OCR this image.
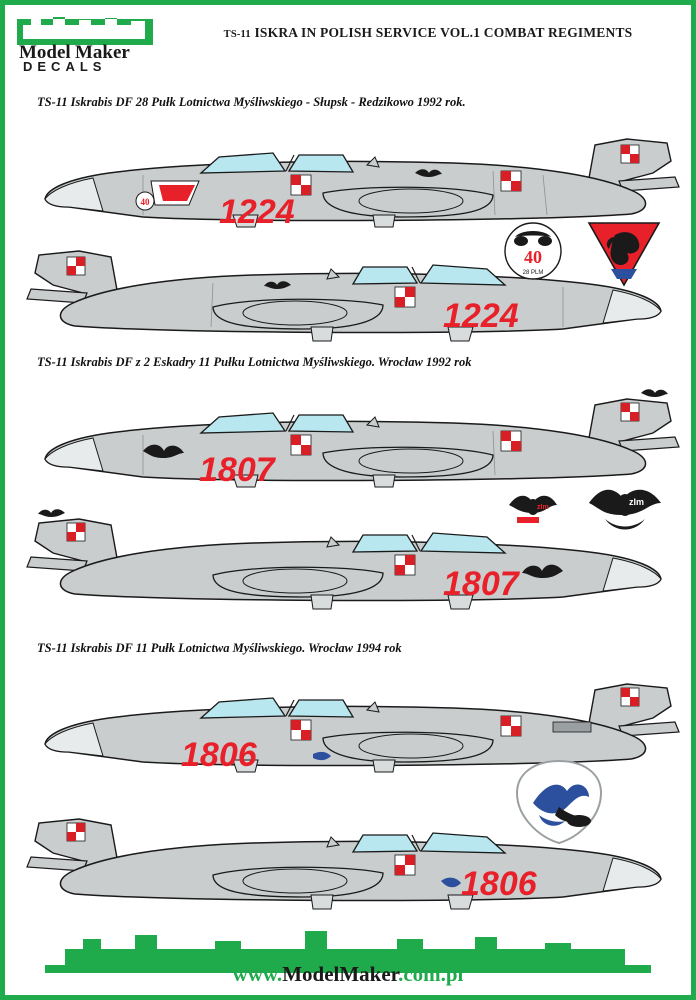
Model Maker
DECALS
TS-11 ISKRA IN POLISH SERVICE VOL.1 COMBAT REGIMENTS
TS-11 Iskrabis DF 28 Pułk Lotnictwa Myśliwskiego - Słupsk - Redzikowo 1992 rok.
TS-11 Iskrabis DF z 2 Eskadry 11 Pułku Lotnictwa Myśliwskiego. Wrocław 1992 rok
TS-11 Iskrabis DF 11 Pułk Lotnictwa Myśliwskiego. Wrocław 1994 rok
40 1224
1224
40
28 PLM
1807
1807
zIm
zIm
1806
1806
www.ModelMaker.com.pl
